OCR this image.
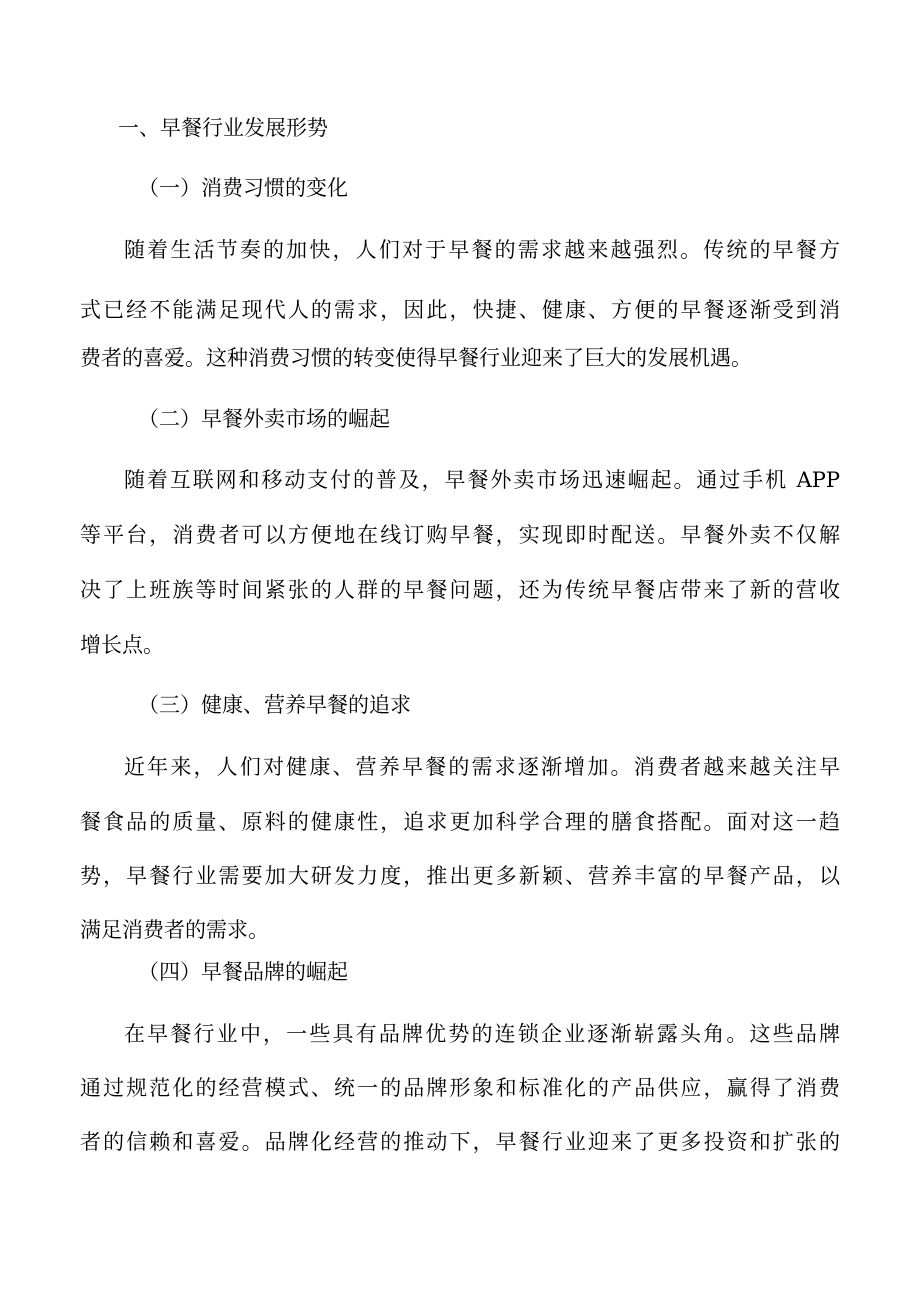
一、早餐行业发展形势
（一）消费习惯的变化
随着生活节奏的加快，人们对于早餐的需求越来越强烈。传统的早餐方
式已经不能满足现代人的需求，因此，快捷、健康、方便的早餐逐渐受到消
费者的喜爱。这种消费习惯的转变使得早餐行业迎来了巨大的发展机遇。
（二）早餐外卖市场的崛起
随着互联网和移动支付的普及，早餐外卖市场迅速崛起。通过手机 APP
等平台，消费者可以方便地在线订购早餐，实现即时配送。早餐外卖不仅解
决了上班族等时间紧张的人群的早餐问题，还为传统早餐店带来了新的营收
增长点。
（三）健康、营养早餐的追求
近年来，人们对健康、营养早餐的需求逐渐增加。消费者越来越关注早
餐食品的质量、原料的健康性，追求更加科学合理的膳食搭配。面对这一趋
势，早餐行业需要加大研发力度，推出更多新颖、营养丰富的早餐产品，以
满足消费者的需求。
（四）早餐品牌的崛起
在早餐行业中，一些具有品牌优势的连锁企业逐渐崭露头角。这些品牌
通过规范化的经营模式、统一的品牌形象和标准化的产品供应，赢得了消费
者的信赖和喜爱。品牌化经营的推动下，早餐行业迎来了更多投资和扩张的
